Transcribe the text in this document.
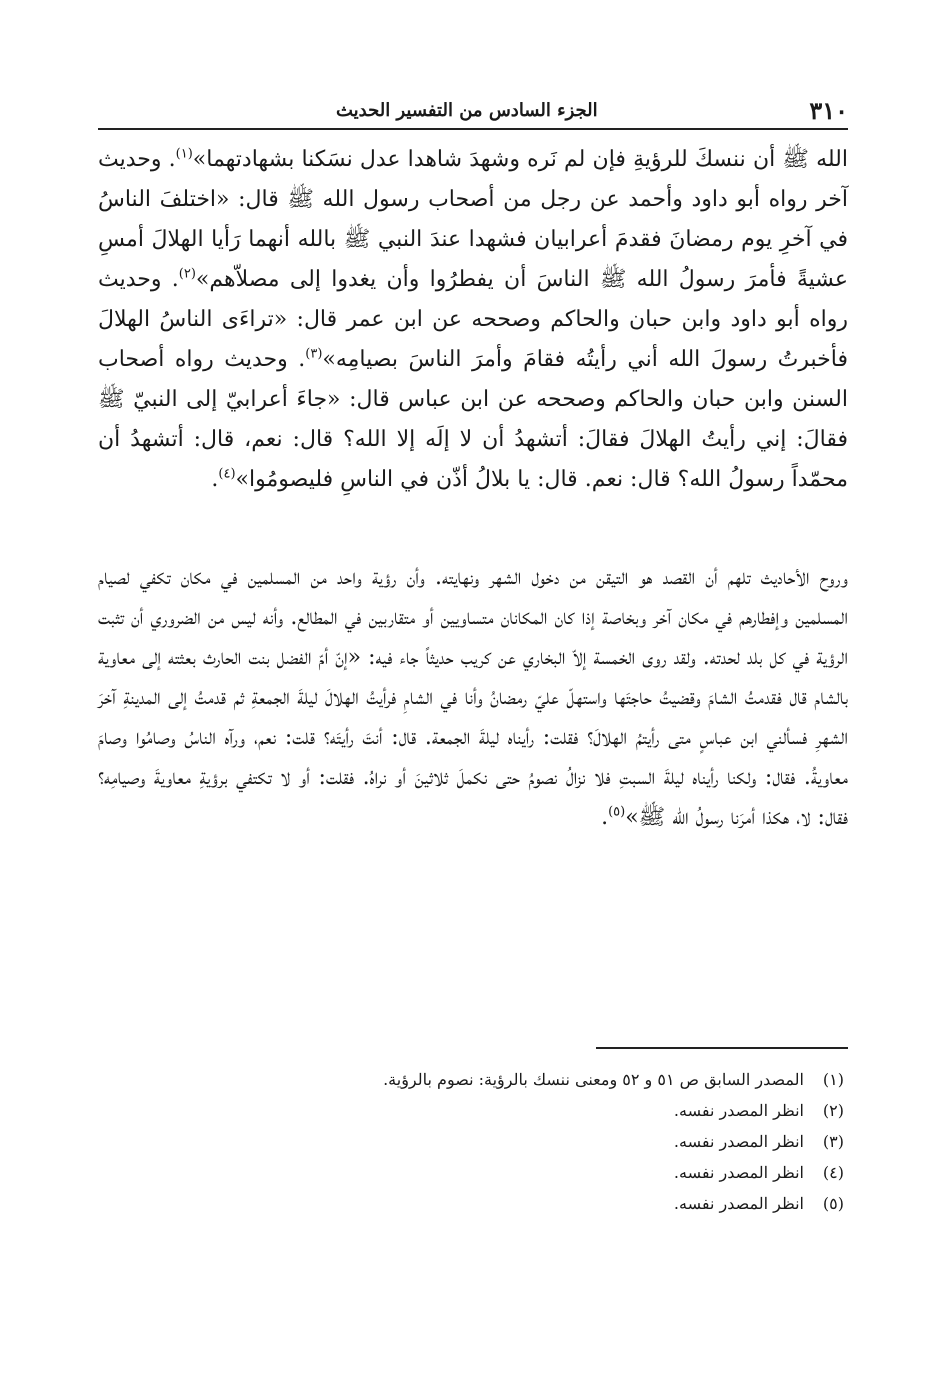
٣١٠
الجزء السادس من التفسير الحديث

الله ﷺ أن ننسكَ للرؤيةِ فإن لم نَره وشهدَ شاهدا عدل نسَكنا بشهادتهما»$^{(١)}$. وحديث آخر رواه أبو داود وأحمد عن رجل من أصحاب رسول الله ﷺ قال: «اختلفَ الناسُ في آخرِ يوم رمضانَ فقدمَ أعرابيان فشهدا عندَ النبي ﷺ بالله أنهما رَأيا الهلالَ أمسِ عشيةً فأمرَ رسولُ الله ﷺ الناسَ أن يفطرُوا وأن يغدوا إلى مصلاّهم»$^{(٢)}$. وحديث رواه أبو داود وابن حبان والحاكم وصححه عن ابن عمر قال: «تراءَى الناسُ الهلالَ فأخبرتُ رسولَ الله أني رأيتُه فقامَ وأمرَ الناسَ بصيامِه»$^{(٣)}$. وحديث رواه أصحاب السنن وابن حبان والحاكم وصححه عن ابن عباس قال: «جاءَ أعرابيّ إلى النبيّ ﷺ فقالَ: إني رأيتُ الهلالَ فقالَ: أتشهدُ أن لا إلَه إلا الله؟ قال: نعم، قال: أتشهدُ أن محمّداً رسولُ الله؟ قال: نعم. قال: يا بلالُ أذّن في الناسِ فليصومُوا»$^{(٤)}$.

وروح الأحاديث تلهم أن القصد هو التيقن من دخول الشهر ونهايته. وأن رؤية واحد من المسلمين في مكان تكفي لصيام المسلمين وإفطارهم في مكان آخر وبخاصة إذا كان المكانان متساويين أو متقاربين في المطالع. وأنه ليس من الضروري أن تثبت الرؤية في كل بلد لحدته. ولقد روى الخمسة إلاّ البخاري عن كريب حديثاً جاء فيه: «إنّ أمّ الفضل بنت الحارث بعثته إلى معاوية بالشام قال فقدمتُ الشامَ وقضيتُ حاجتَها واستهلّ عليّ رمضانُ وأنا في الشامِ فرأيتُ الهلالَ ليلةَ الجمعةِ ثم قدمتُ إلى المدينةِ آخرَ الشهرِ فسألني ابن عباسٍ متى رأيتمُ الهلالَ؟ فقلت: رأيناه ليلةَ الجمعة. قال: أنتَ رأيتَه؟ قلت: نعم، ورآه الناسُ وصامُوا وصامَ معاويةُ. فقال: ولكنا رأيناه ليلةَ السبتِ فلا نزالُ نصومُ حتى نكملَ ثلاثينَ أو نراهُ. فقلت: أو لا تكتفي برؤيةِ معاويةَ وصيامِه؟ فقال: لا، هكذا أمرَنا رسولُ الله ﷺ»$^{(٥)}$.

(١)
المصدر السابق ص ٥١ و ٥٢ ومعنى ننسك بالرؤية: نصوم بالرؤية.
(٢)
انظر المصدر نفسه.
(٣)
انظر المصدر نفسه.
(٤)
انظر المصدر نفسه.
(٥)
انظر المصدر نفسه.
